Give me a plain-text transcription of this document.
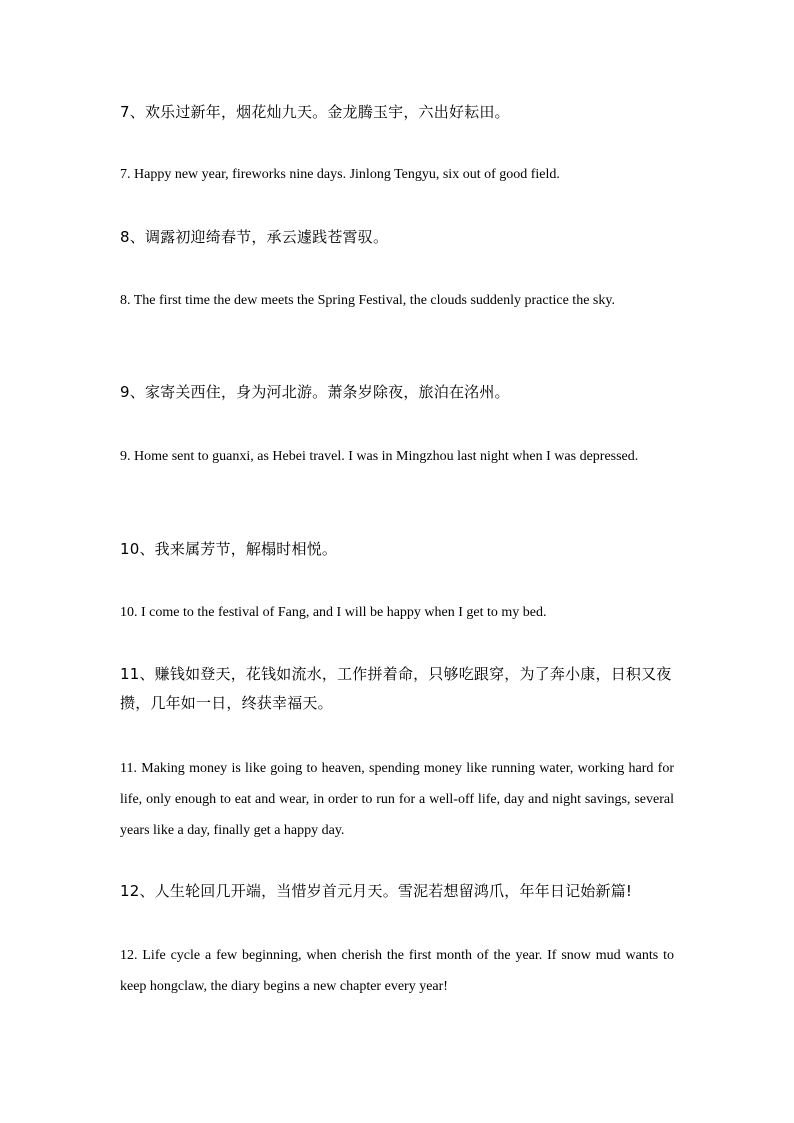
7、欢乐过新年，烟花灿九天。金龙腾玉宇，六出好耘田。

7. Happy new year, fireworks nine days. Jinlong Tengyu, six out of good field.

8、调露初迎绮春节，承云遽践苍霄驭。

8. The first time the dew meets the Spring Festival, the clouds suddenly practice the sky.

9、家寄关西住，身为河北游。萧条岁除夜，旅泊在洺州。

9. Home sent to guanxi, as Hebei travel. I was in Mingzhou last night when I was depressed.

10、我来属芳节，解榻时相悦。

10. I come to the festival of Fang, and I will be happy when I get to my bed.

11、赚钱如登天，花钱如流水，工作拼着命，只够吃跟穿，为了奔小康，日积又夜攒，几年如一日，终获幸福天。

11. Making money is like going to heaven, spending money like running water, working hard for life, only enough to eat and wear, in order to run for a well-off life, day and night savings, several years like a day, finally get a happy day.

12、人生轮回几开端，当惜岁首元月天。雪泥若想留鸿爪，年年日记始新篇!

12. Life cycle a few beginning, when cherish the first month of the year. If snow mud wants to keep hongclaw, the diary begins a new chapter every year!
